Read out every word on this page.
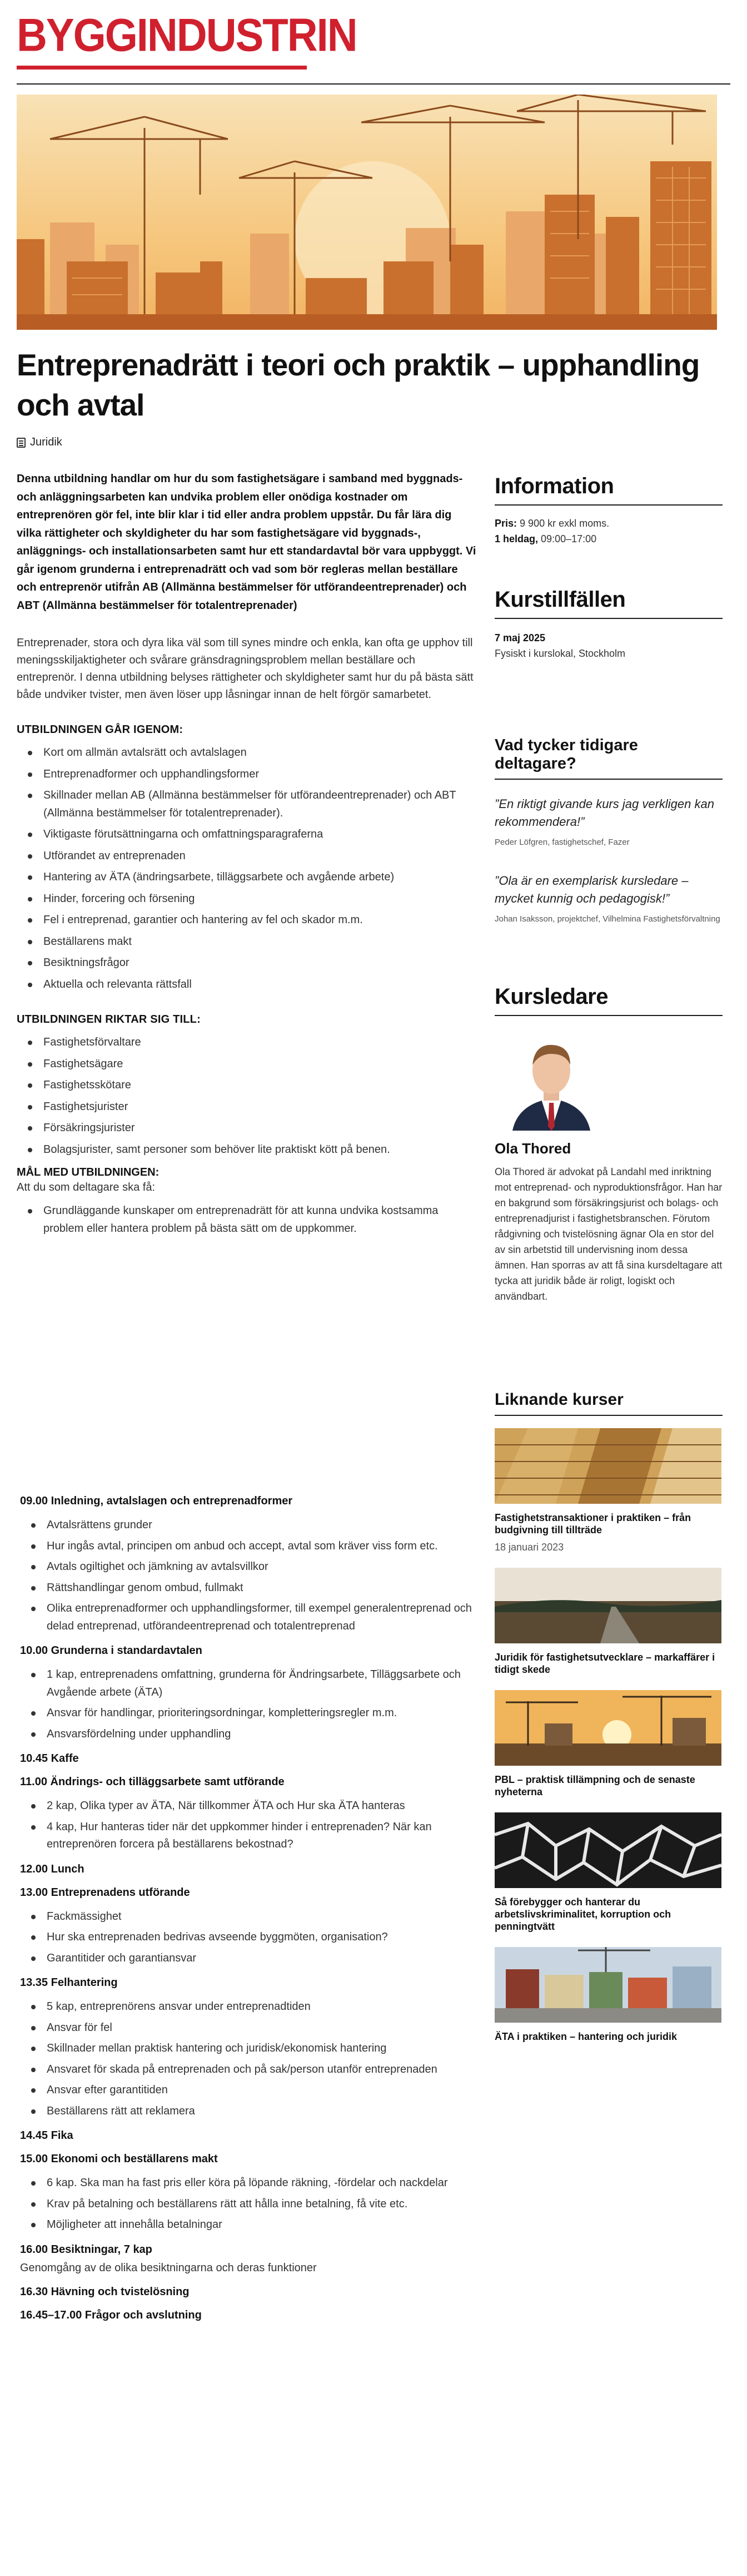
BYGGINDUSTRIN
Entreprenadrätt i teori och praktik – upphandling och avtal
Juridik

Denna utbildning handlar om hur du som fastighetsägare i samband med byggnads- och anläggningsarbeten kan undvika problem eller onödiga kostnader om entreprenören gör fel, inte blir klar i tid eller andra problem uppstår. Du får lära dig vilka rättigheter och skyldigheter du har som fastighetsägare vid byggnads-, anläggnings- och installationsarbeten samt hur ett standardavtal bör vara uppbyggt. Vi går igenom grunderna i entreprenadrätt och vad som bör regleras mellan beställare och entreprenör utifrån AB (Allmänna bestämmelser för utförandeentreprenader) och ABT (Allmänna bestämmelser för totalentreprenader)

Entreprenader, stora och dyra lika väl som till synes mindre och enkla, kan ofta ge upphov till meningsskiljaktigheter och svårare gränsdragningsproblem mellan beställare och entreprenör. I denna utbildning belyses rättigheter och skyldigheter samt hur du på bästa sätt både undviker tvister, men även löser upp låsningar innan de helt förgör samarbetet.

UTBILDNINGEN GÅR IGENOM:
Kort om allmän avtalsrätt och avtalslagen
Entreprenadformer och upphandlingsformer
Skillnader mellan AB (Allmänna bestämmelser för utförandeentreprenader) och ABT (Allmänna bestämmelser för totalentreprenader).
Viktigaste förutsättningarna och omfattningsparagraferna
Utförandet av entreprenaden
Hantering av ÄTA (ändringsarbete, tilläggsarbete och avgående arbete)
Hinder, forcering och försening
Fel i entreprenad, garantier och hantering av fel och skador m.m.
Beställarens makt
Besiktningsfrågor
Aktuella och relevanta rättsfall
UTBILDNINGEN RIKTAR SIG TILL:
Fastighetsförvaltare
Fastighetsägare
Fastighetsskötare
Fastighetsjurister
Försäkringsjurister
Bolagsjurister, samt personer som behöver lite praktiskt kött på benen.
MÅL MED UTBILDNINGEN:
Att du som deltagare ska få:
Grundläggande kunskaper om entreprenadrätt för att kunna undvika kostsamma problem eller hantera problem på bästa sätt om de uppkommer.
09.00 Inledning, avtalslagen och entreprenadformer
Avtalsrättens grunder
Hur ingås avtal, principen om anbud och accept, avtal som kräver viss form etc.
Avtals ogiltighet och jämkning av avtalsvillkor
Rättshandlingar genom ombud, fullmakt
Olika entreprenadformer och upphandlingsformer, till exempel generalentreprenad och delad entreprenad, utförandeentreprenad och totalentreprenad
10.00 Grunderna i standardavtalen
1 kap, entreprenadens omfattning, grunderna för Ändringsarbete, Tilläggsarbete och Avgående arbete (ÄTA)
Ansvar för handlingar, prioriteringsordningar, kompletteringsregler m.m.
Ansvarsfördelning under upphandling
10.45 Kaffe
11.00 Ändrings- och tilläggsarbete samt utförande
2 kap, Olika typer av ÄTA, När tillkommer ÄTA och Hur ska ÄTA hanteras
4 kap, Hur hanteras tider när det uppkommer hinder i entreprenaden? När kan entreprenören forcera på beställarens bekostnad?
12.00 Lunch
13.00 Entreprenadens utförande
Fackmässighet
Hur ska entreprenaden bedrivas avseende byggmöten, organisation?
Garantitider och garantiansvar
13.35 Felhantering
5 kap, entreprenörens ansvar under entreprenadtiden
Ansvar för fel
Skillnader mellan praktisk hantering och juridisk/ekonomisk hantering
Ansvaret för skada på entreprenaden och på sak/person utanför entreprenaden
Ansvar efter garantitiden
Beställarens rätt att reklamera
14.45 Fika
15.00 Ekonomi och beställarens makt
6 kap. Ska man ha fast pris eller köra på löpande räkning, -fördelar och nackdelar
Krav på betalning och beställarens rätt att hålla inne betalning, få vite etc.
Möjligheter att innehålla betalningar
16.00 Besiktningar, 7 kap
Genomgång av de olika besiktningarna och deras funktioner
16.30 Hävning och tvistelösning
16.45–17.00 Frågor och avslutning
Information
Pris: 9 900 kr exkl moms.
1 heldag, 09:00–17:00
Kurstillfällen
7 maj 2025
Fysiskt i kurslokal, Stockholm
Vad tycker tidigare deltagare?
”En riktigt givande kurs jag verkligen kan rekommendera!”
Peder Löfgren, fastighetschef, Fazer
”Ola är en exemplarisk kursledare – mycket kunnig och pedagogisk!”
Johan Isaksson, projektchef, Vilhelmina Fastighetsförvaltning
Kursledare
Ola Thored
Ola Thored är advokat på Landahl med inriktning mot entreprenad- och nyproduktionsfrågor. Han har en bakgrund som försäkringsjurist och bolags- och entreprenadjurist i fastighetsbranschen. Förutom rådgivning och tvistelösning ägnar Ola en stor del av sin arbetstid till undervisning inom dessa ämnen. Han sporras av att få sina kursdeltagare att tycka att juridik både är roligt, logiskt och användbart.
Liknande kurser
Fastighetstransaktioner i praktiken – från budgivning till tillträde
18 januari 2023
Juridik för fastighetsutvecklare – markaffärer i tidigt skede
PBL – praktisk tillämpning och de senaste nyheterna
Så förebygger och hanterar du arbetslivskriminalitet, korruption och penningtvätt
ÄTA i praktiken – hantering och juridik
